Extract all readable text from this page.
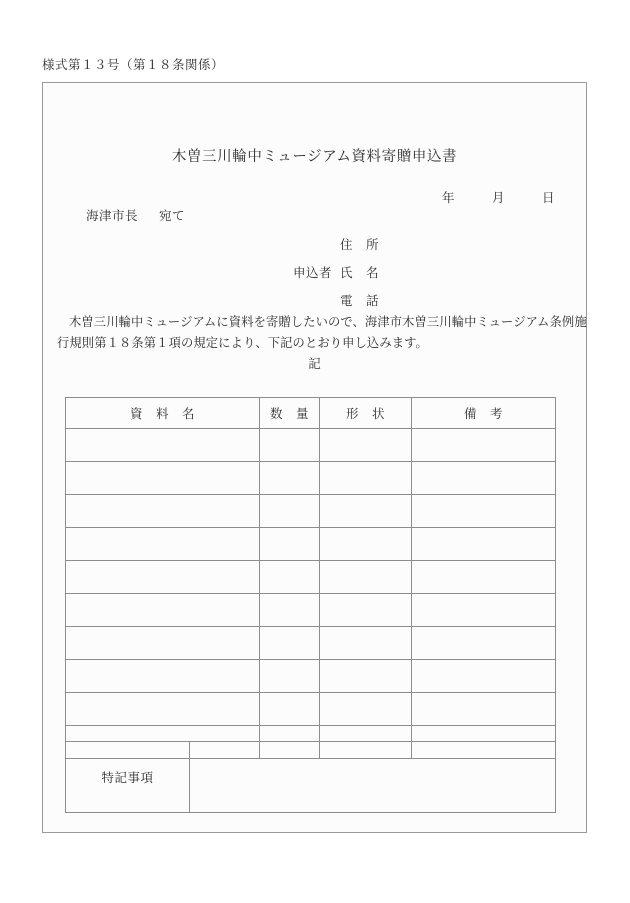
様式第１３号（第１８条関係）
木曽三川輪中ミュージアム資料寄贈申込書
年	月	日
海津市長 宛て
住　所
申込者 氏　名
電　話
木曽三川輪中ミュージアムに資料を寄贈したいので、海津市木曽三川輪中ミュージアム条例施
行規則第１８条第１項の規定により、下記のとおり申し込みます。
記
資　料　名	数　量	形　状	備　考

特記事項	
